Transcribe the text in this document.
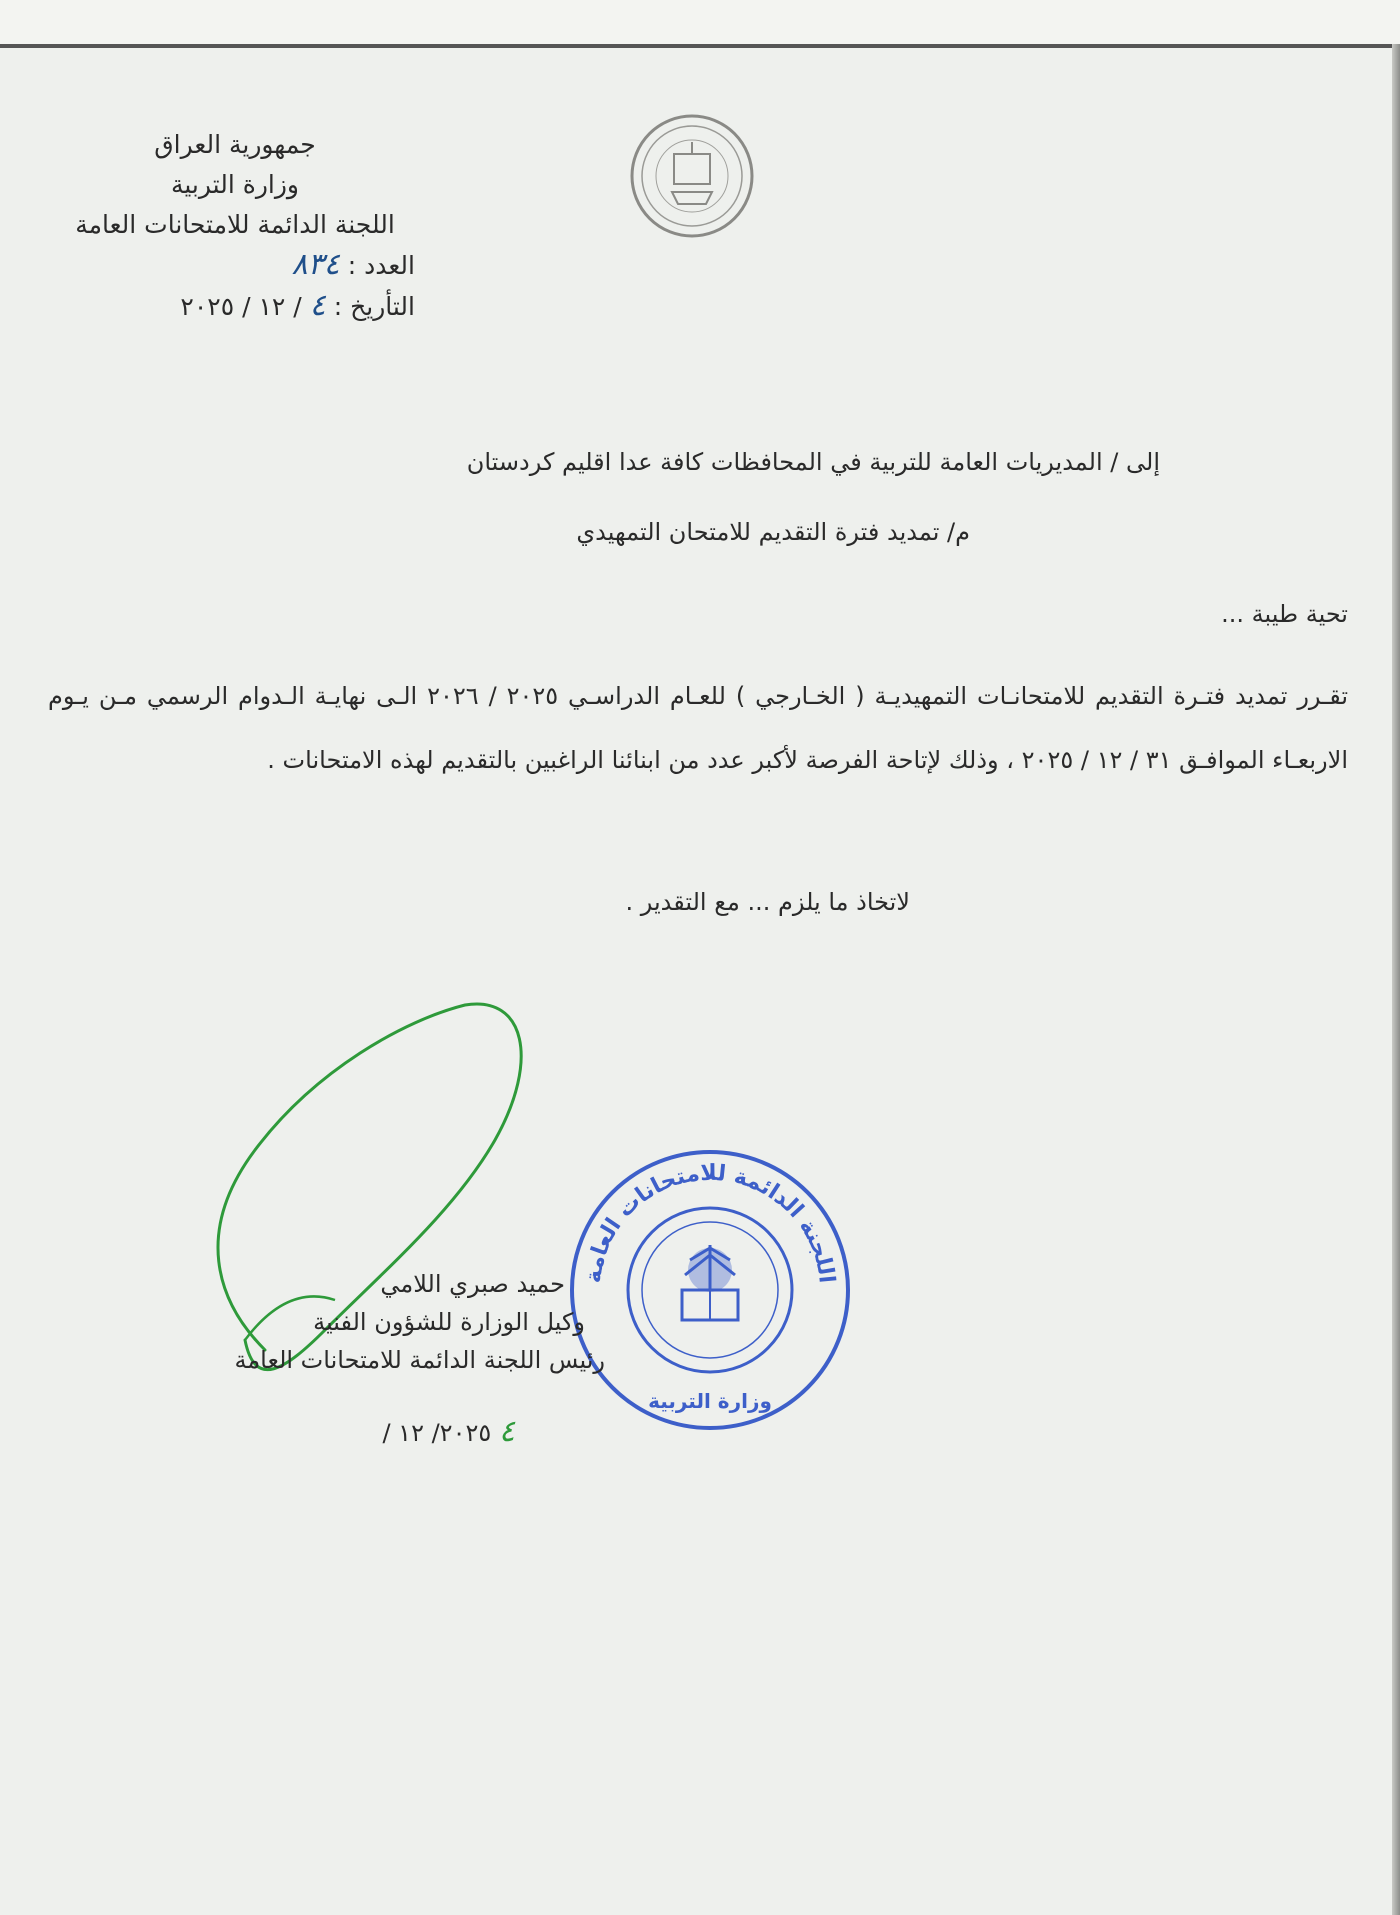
جمهورية العراق
وزارة التربية
اللجنة الدائمة للامتحانات العامة
العدد : ٨٣٤
التأريخ : ٤ / ١٢ / ٢٠٢٥
إلى / المديريات العامة للتربية في المحافظات كافة عدا اقليم كردستان
م/ تمديد فترة التقديم للامتحان التمهيدي
تحية طيبة ...
تقـرر تمديد فتـرة التقديم للامتحانـات التمهيديـة ( الخـارجي ) للعـام الدراسـي ٢٠٢٥ / ٢٠٢٦ الـى نهايـة الـدوام الرسمي مـن يـوم الاربعـاء الموافـق ٣١ / ١٢ / ٢٠٢٥ ، وذلك لإتاحة الفرصة لأكبر عدد من ابنائنا الراغبين بالتقديم لهذه الامتحانات .
لاتخاذ ما يلزم ... مع التقدير .
اللجنة الدائمة للامتحانات العامة
وزارة التربية
حميد صبري اللامي
وكيل الوزارة للشؤون الفنية
رئيس اللجنة الدائمة للامتحانات العامة
٤ ٢٠٢٥/ ١٢ /
